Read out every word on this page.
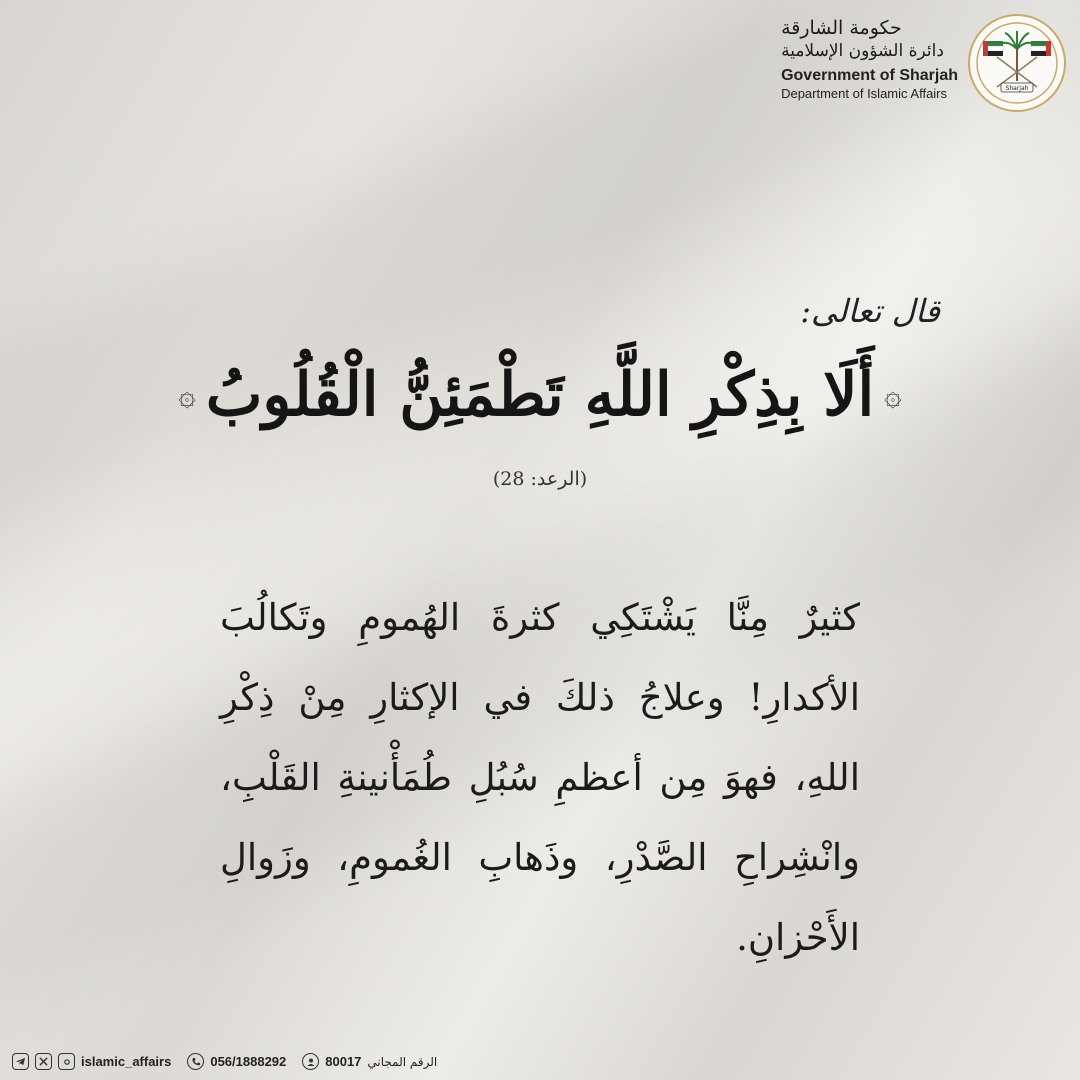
حكومة الشارقة
دائرة الشؤون الإسلامية
Government of Sharjah
Department of Islamic Affairs	Sharjah
قال تعالى:
۞ أَلَا بِذِكْرِ اللَّهِ تَطْمَئِنُّ الْقُلُوبُ ۞
(الرعد: 28)
كثيرٌ مِنَّا يَشْتَكِي كثرةَ الهُمومِ وتَكالُبَ الأكدارِ! وعلاجُ ذلكَ في الإكثارِ مِنْ ذِكْرِ اللهِ، فهوَ مِن أعظمِ سُبُلِ طُمَأْنينةِ القَلْبِ، وانْشِراحِ الصَّدْرِ، وذَهابِ الغُمومِ، وزَوالِ الأَحْزانِ.
islamic_affairs	056/1888292	80017 الرقم المجاني
